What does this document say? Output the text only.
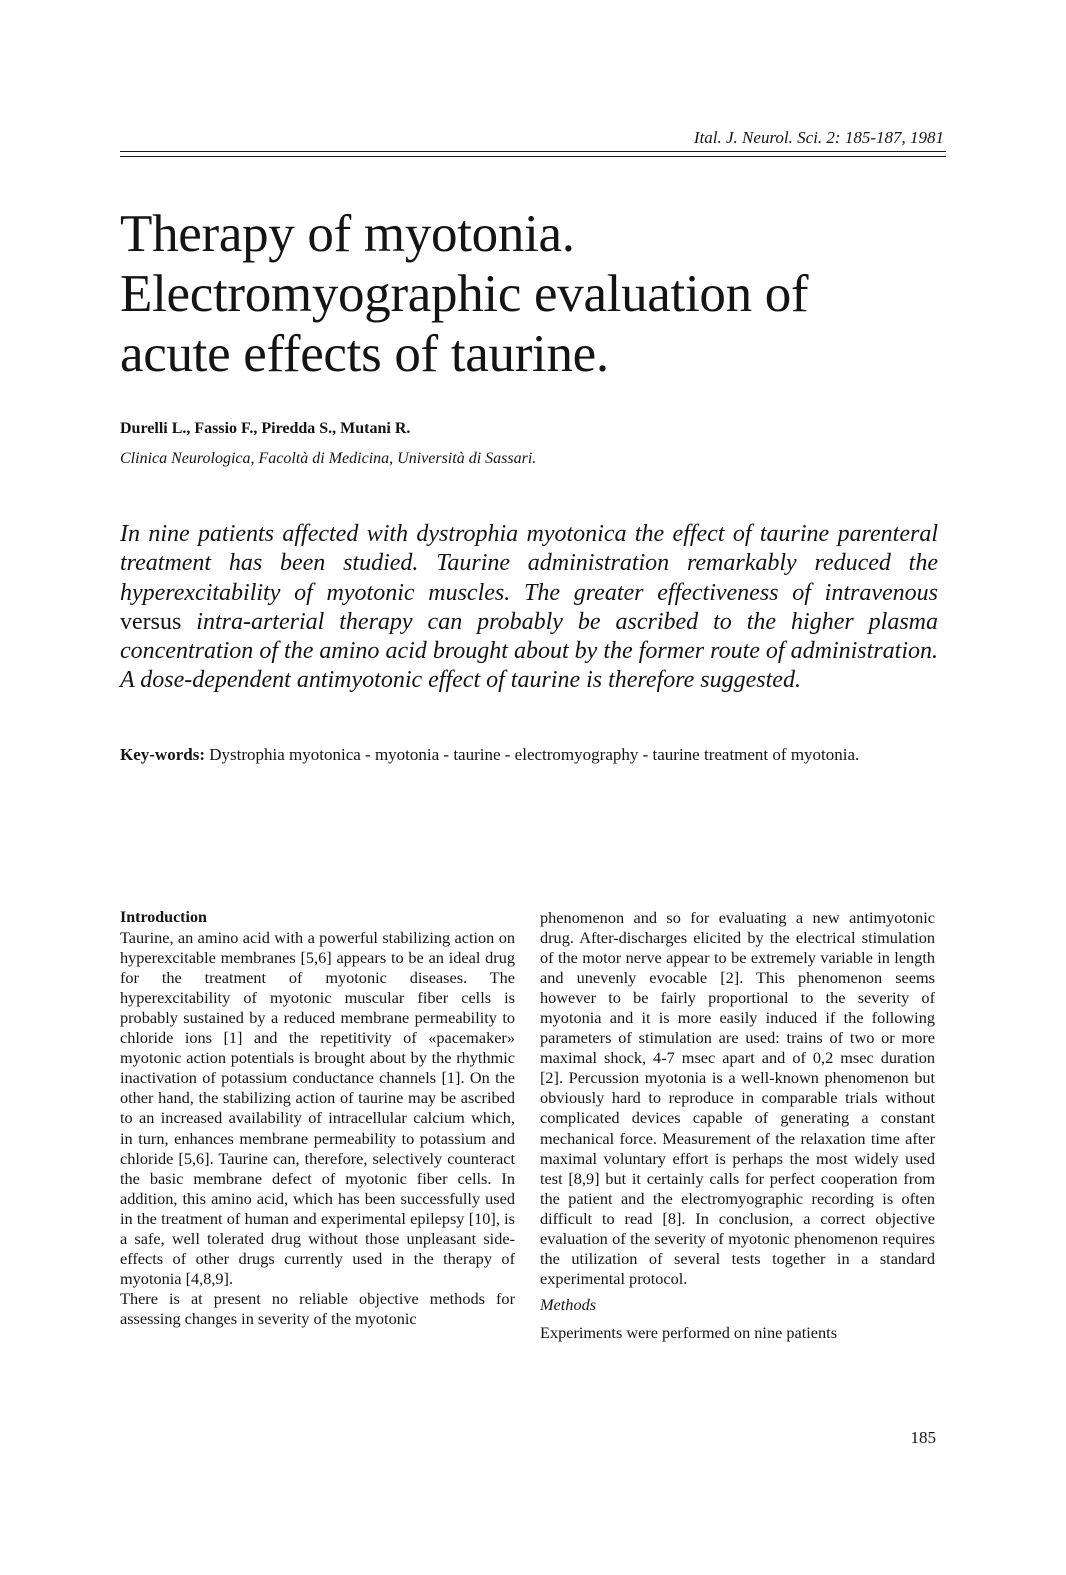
Ital. J. Neurol. Sci. 2: 185-187, 1981
Therapy of myotonia.
Electromyographic evaluation of
acute effects of taurine.
Durelli L., Fassio F., Piredda S., Mutani R.
Clinica Neurologica, Facoltà di Medicina, Università di Sassari.

In nine patients affected with dystrophia myotonica the effect of taurine parenteral treatment has been studied. Taurine administration remarkably reduced the hyperexcitability of myotonic muscles. The greater effectiveness of intravenous versus intra-arterial therapy can probably be ascribed to the higher plasma concentration of the amino acid brought about by the former route of administration. A dose-dependent antimyotonic effect of taurine is therefore suggested.

Key-words: Dystrophia myotonica - myotonia - taurine - electromyography - taurine treatment of myotonia.

Introduction

Taurine, an amino acid with a powerful stabilizing action on hyperexcitable membranes [5,6] appears to be an ideal drug for the treatment of myotonic diseases. The hyperexcitability of myotonic muscular fiber cells is probably sustained by a reduced membrane permeability to chloride ions [1] and the repetitivity of «pacemaker» myotonic action potentials is brought about by the rhythmic inactivation of potassium conductance channels [1]. On the other hand, the stabilizing action of taurine may be ascribed to an increased availability of intracellular calcium which, in turn, enhances membrane permeability to potassium and chloride [5,6]. Taurine can, therefore, selectively counteract the basic membrane defect of myotonic fiber cells. In addition, this amino acid, which has been successfully used in the treatment of human and experimental epilepsy [10], is a safe, well tolerated drug without those unpleasant side-effects of other drugs currently used in the therapy of myotonia [4,8,9].

There is at present no reliable objective methods for assessing changes in severity of the myotonic

phenomenon and so for evaluating a new antimyotonic drug. After-discharges elicited by the electrical stimulation of the motor nerve appear to be extremely variable in length and unevenly evocable [2]. This phenomenon seems however to be fairly proportional to the severity of myotonia and it is more easily induced if the following parameters of stimulation are used: trains of two or more maximal shock, 4-7 msec apart and of 0,2 msec duration [2]. Percussion myotonia is a well-known phenomenon but obviously hard to reproduce in comparable trials without complicated devices capable of generating a constant mechanical force. Measurement of the relaxation time after maximal voluntary effort is perhaps the most widely used test [8,9] but it certainly calls for perfect cooperation from the patient and the electromyographic recording is often difficult to read [8]. In conclusion, a correct objective evaluation of the severity of myotonic phenomenon requires the utilization of several tests together in a standard experimental protocol.

Methods

Experiments were performed on nine patients

185
